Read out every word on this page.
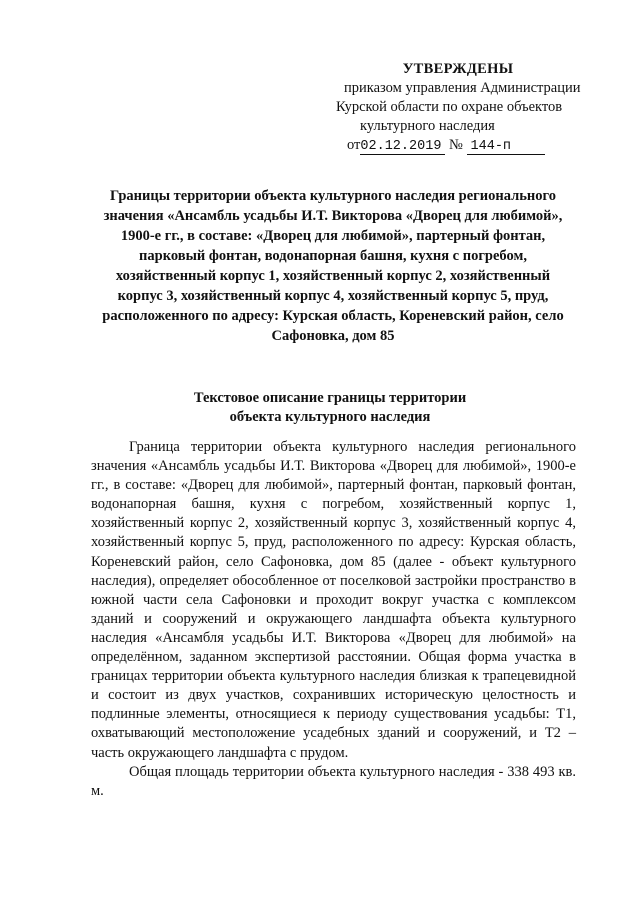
УТВЕРЖДЕНЫ
приказом управления Администрации
Курской области по охране объектов
культурного наследия
от02.12.2019 № 144-п
Границы территории объекта культурного наследия регионального
значения «Ансамбль усадьбы И.Т. Викторова «Дворец для любимой»,
1900-е гг., в составе: «Дворец для любимой», партерный фонтан,
парковый фонтан, водонапорная башня, кухня с погребом,
хозяйственный корпус 1, хозяйственный корпус 2, хозяйственный
корпус 3, хозяйственный корпус 4, хозяйственный корпус 5, пруд,
расположенного по адресу: Курская область, Кореневский район, село
Сафоновка, дом 85
Текстовое описание границы территории
объекта культурного наследия

Граница территории объекта культурного наследия регионального значения «Ансамбль усадьбы И.Т. Викторова «Дворец для любимой», 1900-е гг., в составе: «Дворец для любимой», партерный фонтан, парковый фонтан, водонапорная башня, кухня с погребом, хозяйственный корпус 1, хозяйственный корпус 2, хозяйственный корпус 3, хозяйственный корпус 4, хозяйственный корпус 5, пруд, расположенного по адресу: Курская область, Кореневский район, село Сафоновка, дом 85 (далее - объект культурного наследия), определяет обособленное от поселковой застройки пространство в южной части села Сафоновки и проходит вокруг участка с комплексом зданий и сооружений и окружающего ландшафта объекта культурного наследия «Ансамбля усадьбы И.Т. Викторова «Дворец для любимой» на определённом, заданном экспертизой расстоянии. Общая форма участка в границах территории объекта культурного наследия близкая к трапецевидной и состоит из двух участков, сохранивших историческую целостность и подлинные элементы, относящиеся к периоду существования усадьбы: Т1, охватывающий местоположение усадебных зданий и сооружений, и Т2 – часть окружающего ландшафта с прудом.

Общая площадь территории объекта культурного наследия - 338 493 кв. м.
